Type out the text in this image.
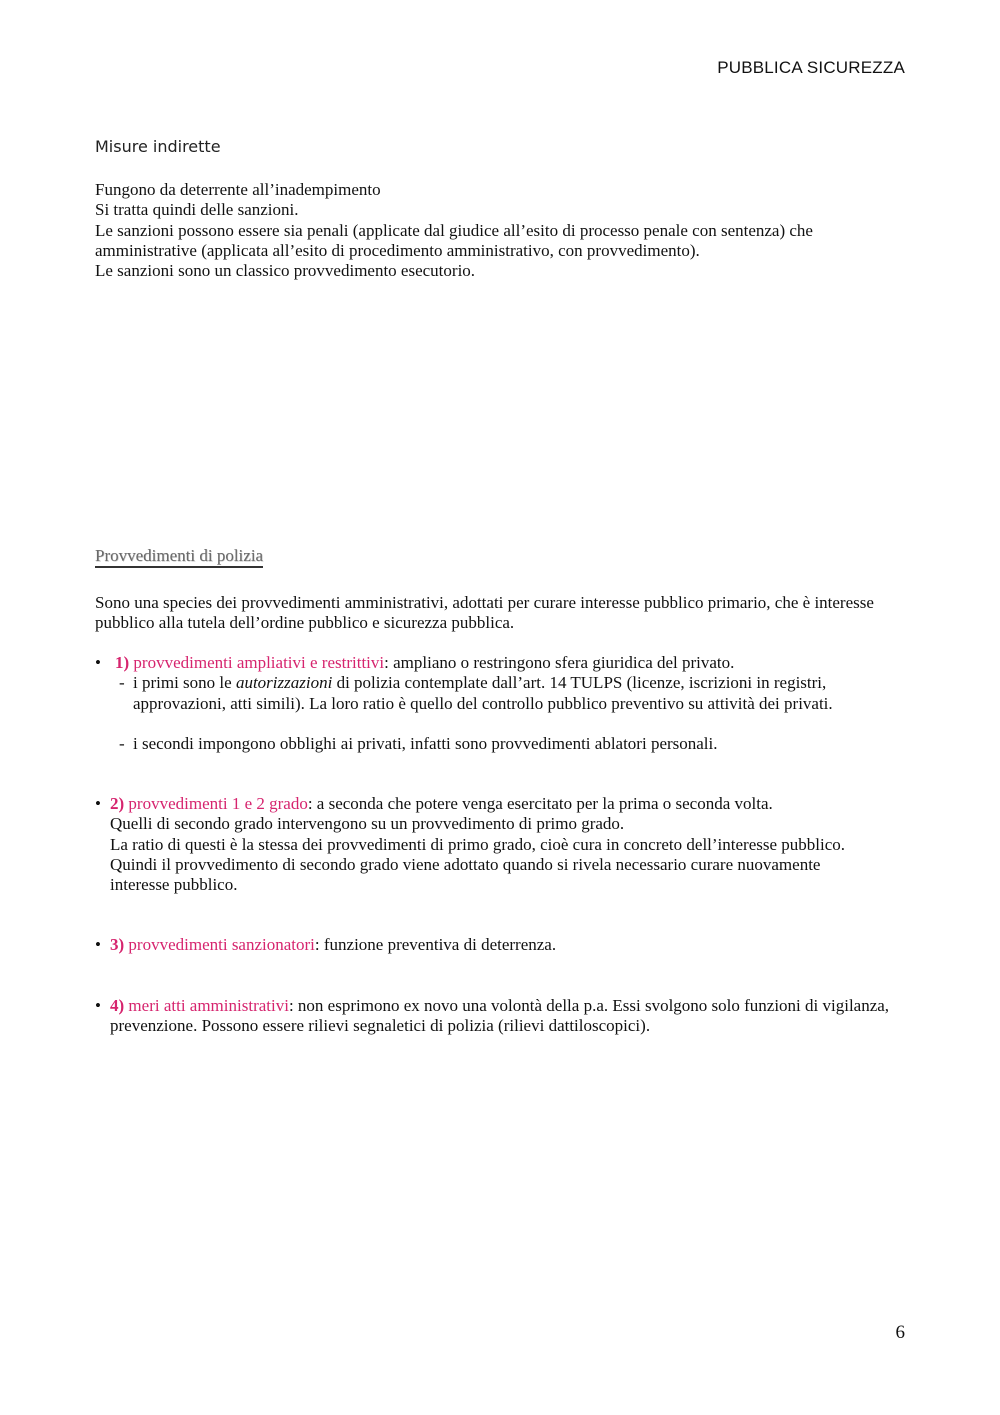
PUBBLICA SICUREZZA
Misure indirette

Fungono da deterrente all’inadempimento

Si tratta quindi delle sanzioni.

Le sanzioni possono essere sia penali (applicate dal giudice all’esito di processo penale con sentenza) che amministrative (applicata all’esito di procedimento amministrativo, con provvedimento).

Le sanzioni sono un classico provvedimento esecutorio.

Provvedimenti di polizia

Sono una species dei provvedimenti amministrativi, adottati per curare interesse pubblico primario, che è interesse pubblico alla tutela dell’ordine pubblico e sicurezza pubblica.

• 1) provvedimenti ampliativi e restrittivi: ampliano o restringono sfera giuridica del privato.
- i primi sono le autorizzazioni di polizia contemplate dall’art. 14 TULPS (licenze, iscrizioni in registri, approvazioni, atti simili). La loro ratio è quello del controllo pubblico preventivo su attività dei privati.
- i secondi impongono obblighi ai privati, infatti sono provvedimenti ablatori personali.
• 2) provvedimenti 1 e 2 grado: a seconda che potere venga esercitato per la prima o seconda volta.
Quelli di secondo grado intervengono su un provvedimento di primo grado.
La ratio di questi è la stessa dei provvedimenti di primo grado, cioè cura in concreto dell’interesse pubblico. Quindi il provvedimento di secondo grado viene adottato quando si rivela necessario curare nuovamente interesse pubblico.
• 3) provvedimenti sanzionatori: funzione preventiva di deterrenza.
• 4) meri atti amministrativi: non esprimono ex novo una volontà della p.a. Essi svolgono solo funzioni di vigilanza, prevenzione. Possono essere rilievi segnaletici di polizia (rilievi dattiloscopici).
6
